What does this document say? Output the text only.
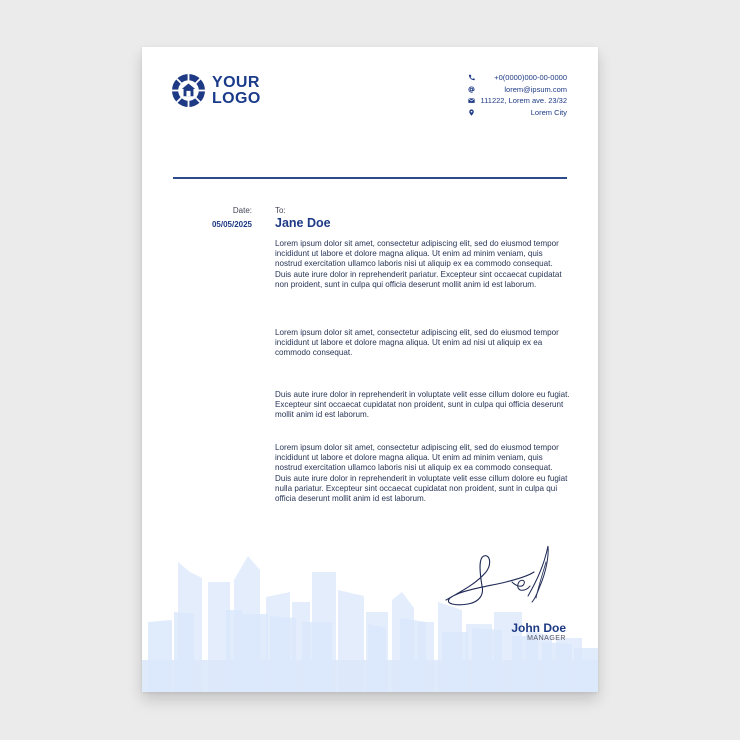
YOUR
LOGO
+0(0000)000-00-0000
lorem@ipsum.com
111222, Lorem ave. 23/32
Lorem City
Date:
05/05/2025
To:
Jane Doe
Lorem ipsum dolor sit amet, consectetur adipiscing elit, sed do eiusmod tempor incididunt ut labore et dolore magna aliqua. Ut enim ad minim veniam, quis nostrud exercitation ullamco laboris nisi ut aliquip ex ea commodo consequat. Duis aute irure dolor in reprehenderit pariatur. Excepteur sint occaecat cupidatat non proident, sunt in culpa qui officia deserunt mollit anim id est laborum.
Lorem ipsum dolor sit amet, consectetur adipiscing elit, sed do eiusmod tempor incididunt ut labore et dolore magna aliqua. Ut enim ad nisi ut aliquip ex ea commodo consequat.
Duis aute irure dolor in reprehenderit in voluptate velit esse cillum dolore eu fugiat. Excepteur sint occaecat cupidatat non proident, sunt in culpa qui officia deserunt mollit anim id est laborum.
Lorem ipsum dolor sit amet, consectetur adipiscing elit, sed do eiusmod tempor incididunt ut labore et dolore magna aliqua. Ut enim ad minim veniam, quis nostrud exercitation ullamco laboris nisi ut aliquip ex ea commodo consequat. Duis aute irure dolor in reprehenderit in voluptate velit esse cillum dolore eu fugiat nulla pariatur. Excepteur sint occaecat cupidatat non proident, sunt in culpa qui officia deserunt mollit anim id est laborum.
John Doe
MANAGER
